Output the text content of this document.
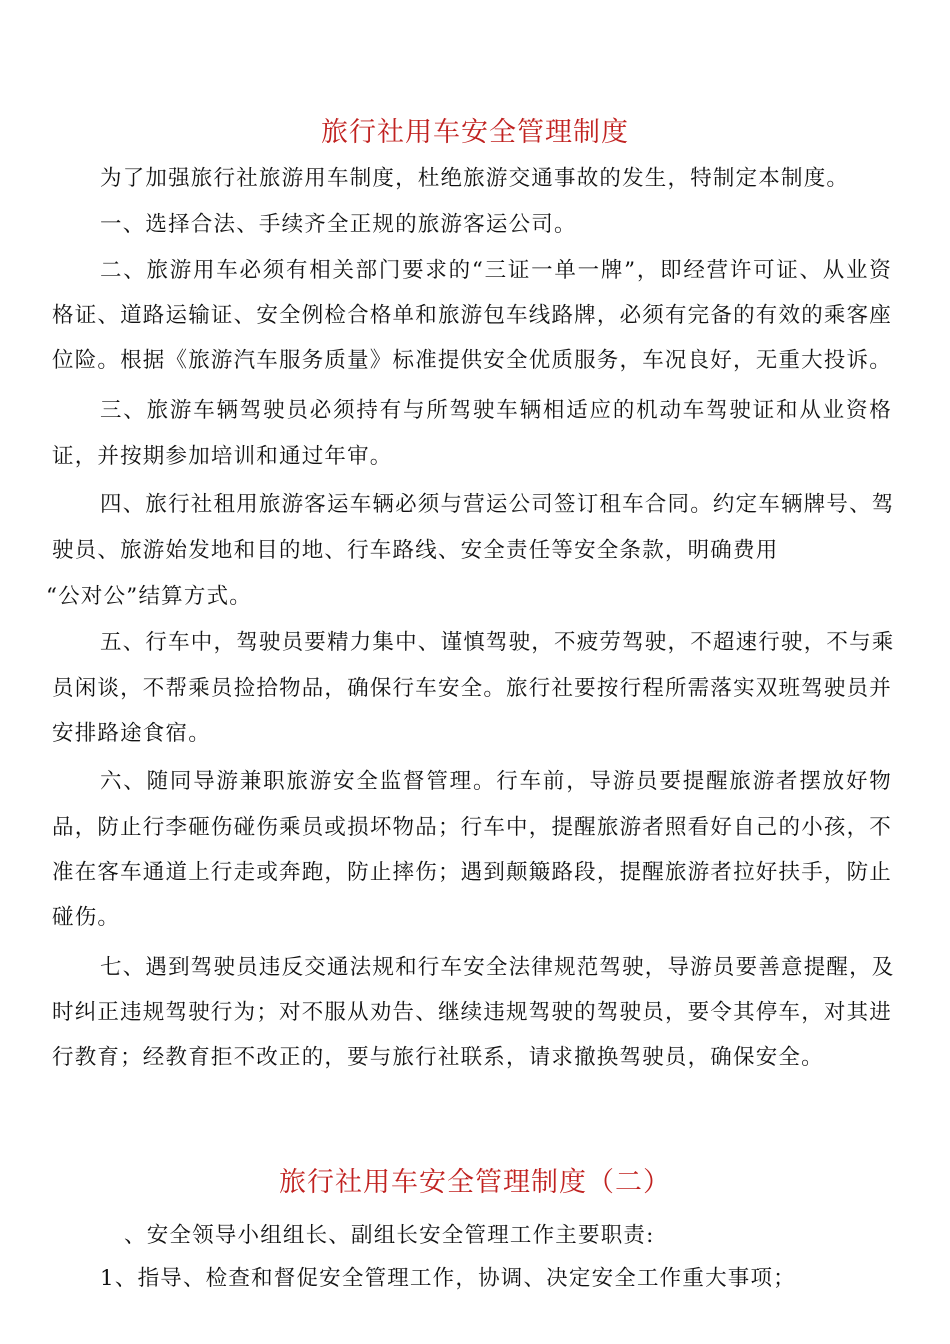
旅行社用车安全管理制度
为了加强旅行社旅游用车制度，杜绝旅游交通事故的发生，特制定本制度。
一、选择合法、手续齐全正规的旅游客运公司。
二、旅游用车必须有相关部门要求的“三证一单一牌”，即经营许可证、从业资
格证、道路运输证、安全例检合格单和旅游包车线路牌，必须有完备的有效的乘客座
位险。根据《旅游汽车服务质量》标准提供安全优质服务，车况良好，无重大投诉。
三、旅游车辆驾驶员必须持有与所驾驶车辆相适应的机动车驾驶证和从业资格
证，并按期参加培训和通过年审。
四、旅行社租用旅游客运车辆必须与营运公司签订租车合同。约定车辆牌号、驾
驶员、旅游始发地和目的地、行车路线、安全责任等安全条款，明确费用
“公对公”结算方式。
五、行车中，驾驶员要精力集中、谨慎驾驶，不疲劳驾驶，不超速行驶，不与乘
员闲谈，不帮乘员捡拾物品，确保行车安全。旅行社要按行程所需落实双班驾驶员并
安排路途食宿。
六、随同导游兼职旅游安全监督管理。行车前，导游员要提醒旅游者摆放好物
品，防止行李砸伤碰伤乘员或损坏物品；行车中，提醒旅游者照看好自己的小孩，不
准在客车通道上行走或奔跑，防止摔伤；遇到颠簸路段，提醒旅游者拉好扶手，防止
碰伤。
七、遇到驾驶员违反交通法规和行车安全法律规范驾驶，导游员要善意提醒，及
时纠正违规驾驶行为；对不服从劝告、继续违规驾驶的驾驶员，要令其停车，对其进
行教育；经教育拒不改正的，要与旅行社联系，请求撤换驾驶员，确保安全。
旅行社用车安全管理制度（二）
、安全领导小组组长、副组长安全管理工作主要职责:
1、指导、检查和督促安全管理工作，协调、决定安全工作重大事项；
